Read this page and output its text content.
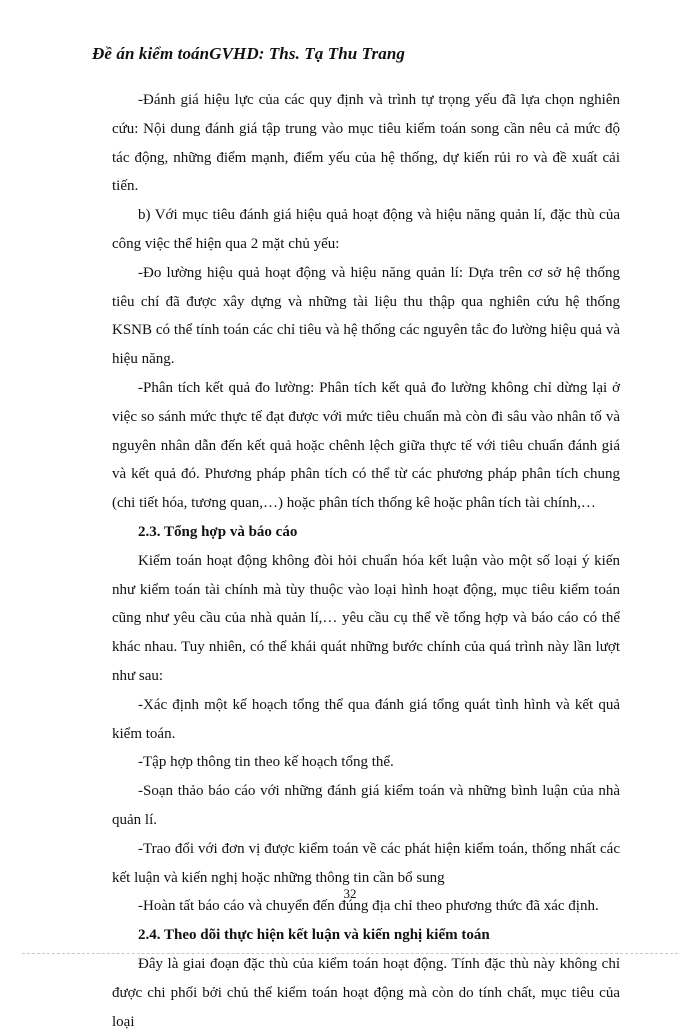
Đề án kiểm toánGVHD: Ths. Tạ Thu Trang

-Đánh giá hiệu lực của các quy định và trình tự trọng yếu đã lựa chọn nghiên cứu: Nội dung đánh giá tập trung vào mục tiêu kiểm toán song cần nêu cả mức độ tác động, những điểm mạnh, điểm yếu của hệ thống, dự kiến rủi ro và đề xuất cải tiến.

b) Với mục tiêu đánh giá hiệu quả hoạt động và hiệu năng quản lí, đặc thù của công việc thể hiện qua 2 mặt chủ yếu:

-Đo lường hiệu quả hoạt động và hiệu năng quản lí: Dựa trên cơ sở hệ thống tiêu chí đã được xây dựng và những tài liệu thu thập qua nghiên cứu hệ thống KSNB có thể tính toán các chỉ tiêu và hệ thống các nguyên tắc đo lường hiệu quả và hiệu năng.

-Phân tích kết quả đo lường: Phân tích kết quả đo lường không chỉ dừng lại ở việc so sánh mức thực tế đạt được với mức tiêu chuẩn mà còn đi sâu vào nhân tố và nguyên nhân dẫn đến kết quả hoặc chênh lệch giữa thực tế với tiêu chuẩn đánh giá và kết quả đó. Phương pháp phân tích có thể từ các phương pháp phân tích chung (chi tiết hóa, tương quan,…) hoặc phân tích thống kê hoặc phân tích tài chính,…

2.3. Tổng hợp và báo cáo

Kiểm toán hoạt động không đòi hỏi chuẩn hóa kết luận vào một số loại ý kiến như kiểm toán tài chính mà tùy thuộc vào loại hình hoạt động, mục tiêu kiểm toán cũng như yêu cầu của nhà quản lí,… yêu cầu cụ thể về tổng hợp và báo cáo có thể khác nhau. Tuy nhiên, có thể khái quát những bước chính của quá trình này lần lượt như sau:

-Xác định một kế hoạch tổng thể qua đánh giá tổng quát tình hình và kết quả kiểm toán.

-Tập hợp thông tin theo kế hoạch tổng thể.

-Soạn thảo báo cáo với những đánh giá kiểm toán và những bình luận của nhà quản lí.

-Trao đổi với đơn vị được kiểm toán về các phát hiện kiểm toán, thống nhất các kết luận và kiến nghị hoặc những thông tin cần bổ sung

-Hoàn tất báo cáo và chuyển đến đúng địa chỉ theo phương thức đã xác định.

2.4. Theo dõi thực hiện kết luận và kiến nghị kiểm toán

Đây là giai đoạn đặc thù của kiểm toán hoạt động. Tính đặc thù này không chỉ được chi phối bởi chủ thể kiểm toán hoạt động mà còn do tính chất, mục tiêu của loại

32
